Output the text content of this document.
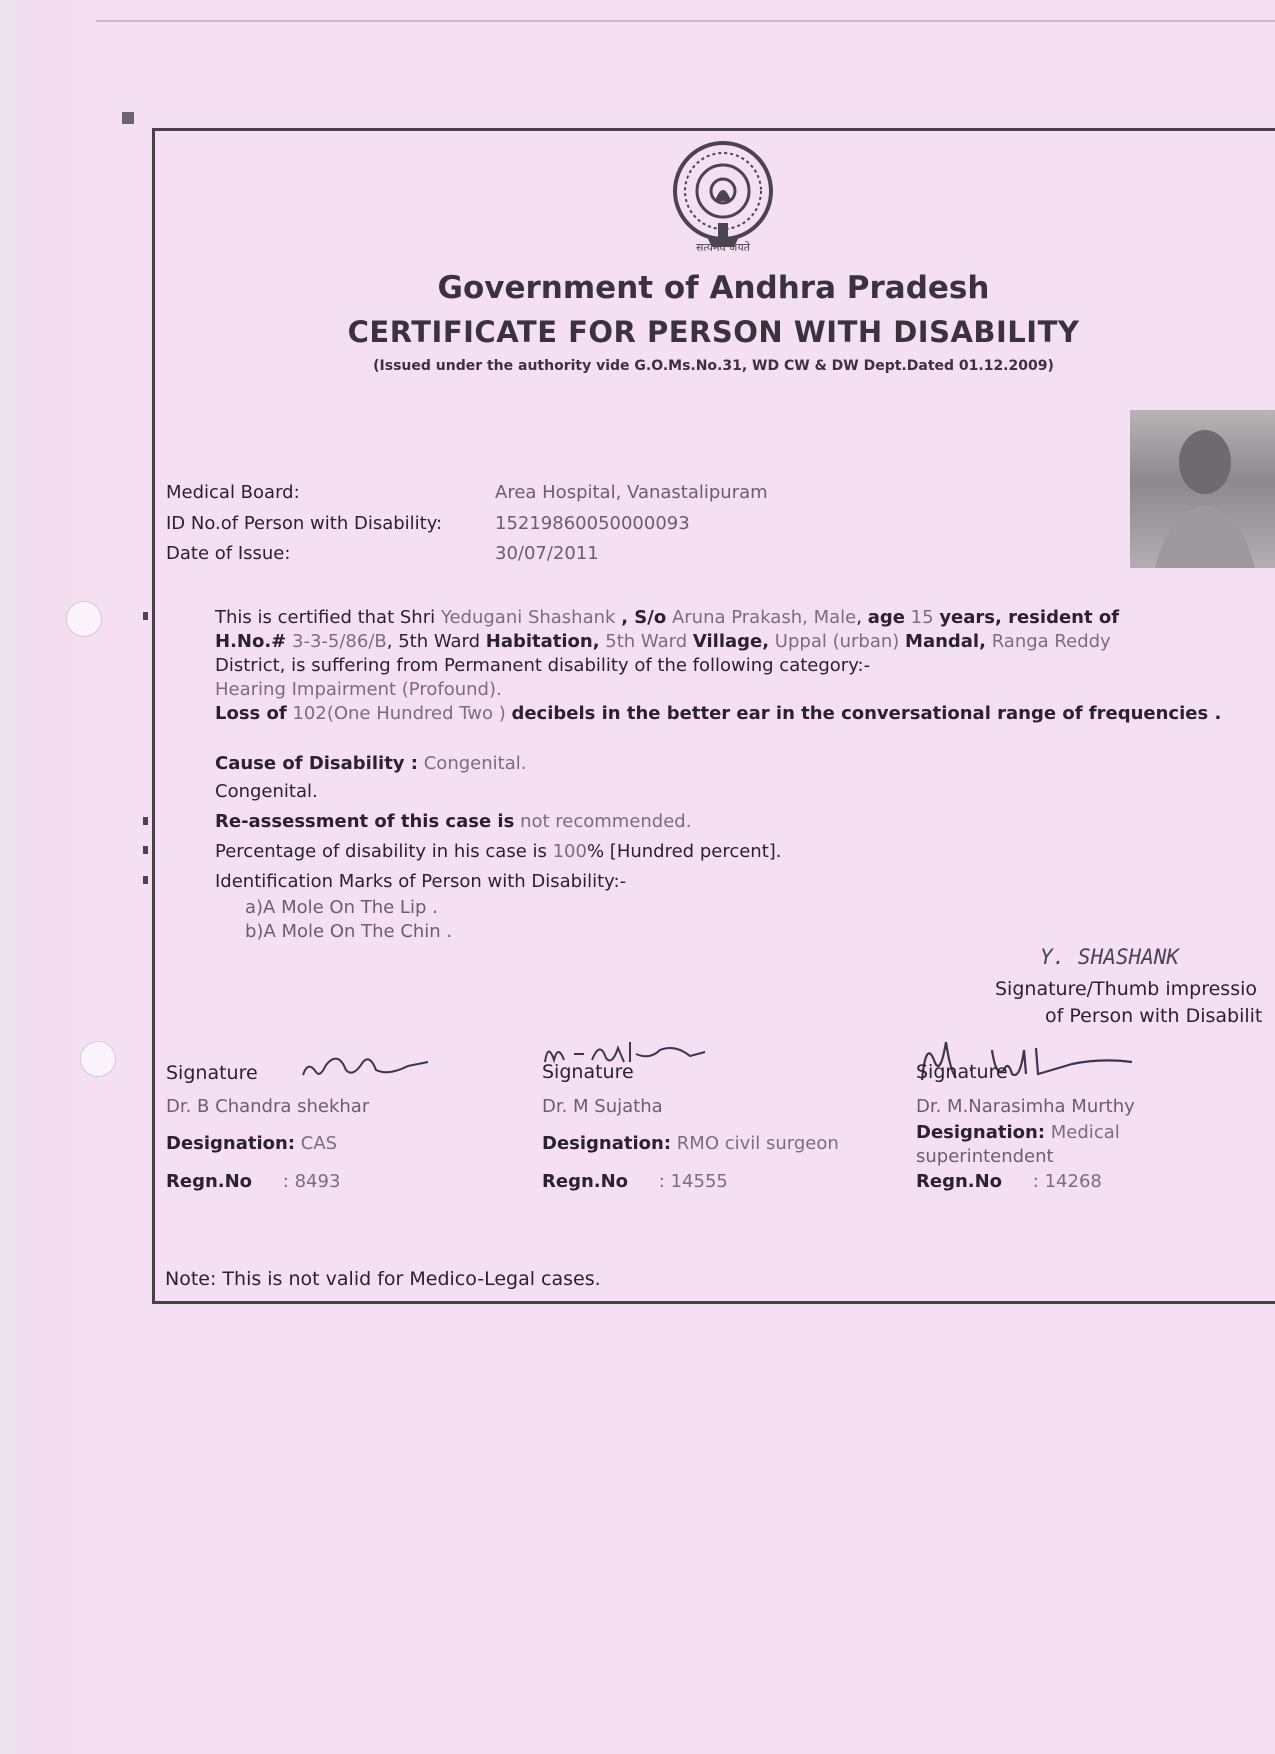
सत्यमेव जयते
Government of Andhra Pradesh
CERTIFICATE FOR PERSON WITH DISABILITY
(Issued under the authority vide G.O.Ms.No.31, WD CW & DW Dept.Dated 01.12.2009)
Medical Board:	Area Hospital, Vanastalipuram
ID No.of Person with Disability:	15219860050000093
Date of Issue:	30/07/2011
This is certified that Shri Yedugani Shashank , S/o Aruna Prakash, Male, age 15 years, resident of
H.No.# 3-3-5/86/B, 5th Ward Habitation, 5th Ward Village, Uppal (urban) Mandal, Ranga Reddy
District, is suffering from Permanent disability of the following category:-
Hearing Impairment (Profound).
Loss of 102(One Hundred Two ) decibels in the better ear in the conversational range of frequencies .
Cause of Disability : Congenital.
Congenital.
Re-assessment of this case is not recommended.
Percentage of disability in his case is 100% [Hundred percent].
Identification Marks of Person with Disability:-
a)A Mole On The Lip .
b)A Mole On The Chin .
Y. SHASHANK
Signature/Thumb impressio
of Person with Disabilit
Signature
Dr. B Chandra shekhar
Designation: CAS
Regn.No : 8493
Signature
Dr. M Sujatha
Designation: RMO civil surgeon
Regn.No : 14555
Signature
Dr. M.Narasimha Murthy
Designation: Medical
superintendent
Regn.No : 14268
Note: This is not valid for Medico-Legal cases.
